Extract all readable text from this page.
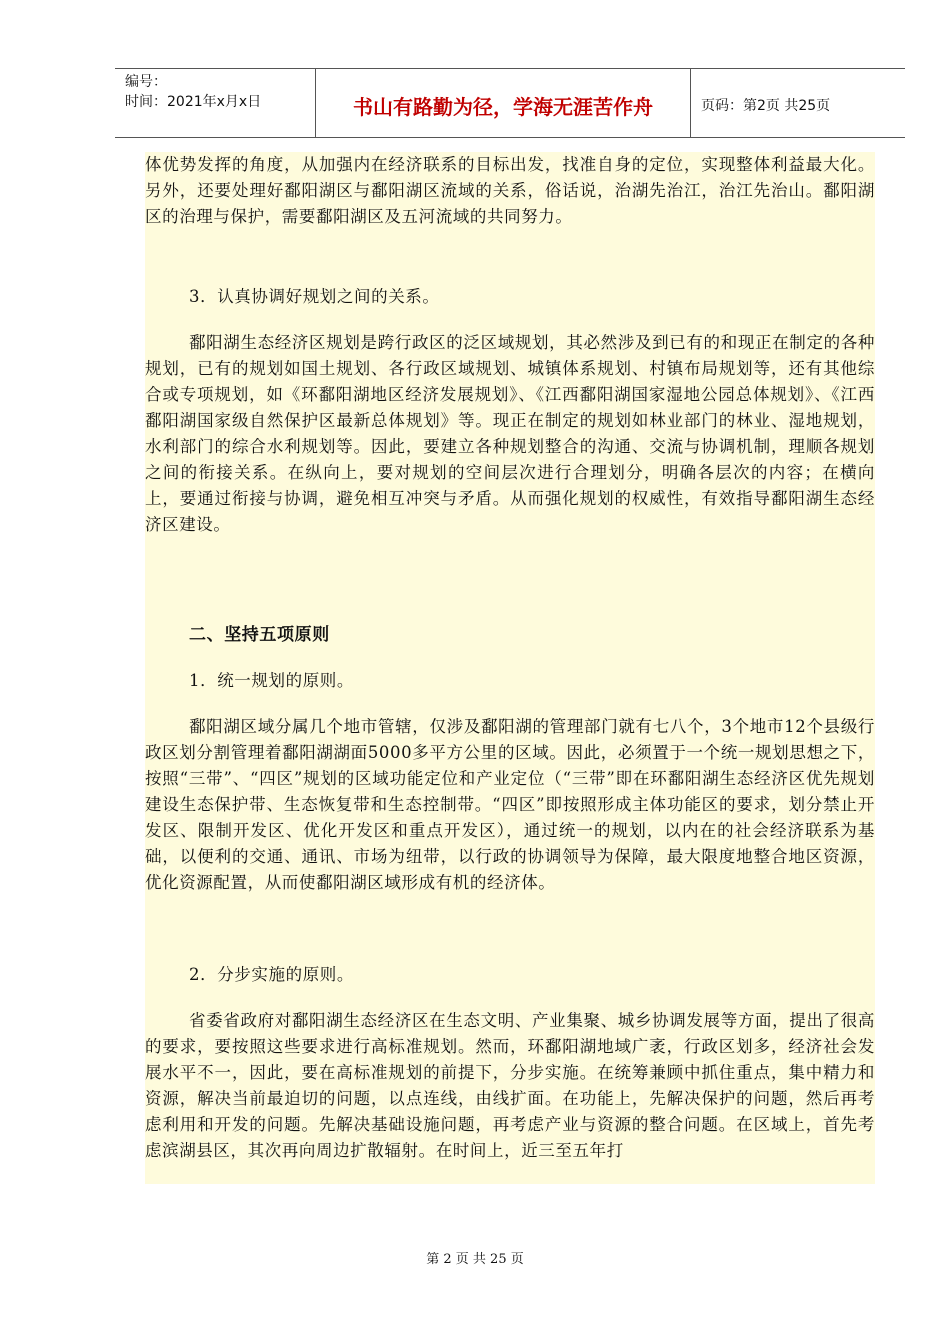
编号：
时间：2021年x月x日	书山有路勤为径，学海无涯苦作舟	页码：第2页 共25页

体优势发挥的角度，从加强内在经济联系的目标出发，找准自身的定位，实现整体利益最大化。另外，还要处理好鄱阳湖区与鄱阳湖区流域的关系，俗话说，治湖先治江，治江先治山。鄱阳湖区的治理与保护，需要鄱阳湖区及五河流域的共同努力。

3．认真协调好规划之间的关系。

鄱阳湖生态经济区规划是跨行政区的泛区域规划，其必然涉及到已有的和现正在制定的各种规划，已有的规划如国土规划、各行政区域规划、城镇体系规划、村镇布局规划等，还有其他综合或专项规划，如《环鄱阳湖地区经济发展规划》、《江西鄱阳湖国家湿地公园总体规划》、《江西鄱阳湖国家级自然保护区最新总体规划》等。现正在制定的规划如林业部门的林业、湿地规划，水利部门的综合水利规划等。因此，要建立各种规划整合的沟通、交流与协调机制，理顺各规划之间的衔接关系。在纵向上，要对规划的空间层次进行合理划分，明确各层次的内容；在横向上，要通过衔接与协调，避免相互冲突与矛盾。从而强化规划的权威性，有效指导鄱阳湖生态经济区建设。

二、坚持五项原则

1．统一规划的原则。

鄱阳湖区域分属几个地市管辖，仅涉及鄱阳湖的管理部门就有七八个，3个地市12个县级行政区划分割管理着鄱阳湖湖面5000多平方公里的区域。因此，必须置于一个统一规划思想之下，按照“三带”、“四区”规划的区域功能定位和产业定位（“三带”即在环鄱阳湖生态经济区优先规划建设生态保护带、生态恢复带和生态控制带。“四区”即按照形成主体功能区的要求，划分禁止开发区、限制开发区、优化开发区和重点开发区），通过统一的规划，以内在的社会经济联系为基础，以便利的交通、通讯、市场为纽带，以行政的协调领导为保障，最大限度地整合地区资源，优化资源配置，从而使鄱阳湖区域形成有机的经济体。

2．分步实施的原则。

省委省政府对鄱阳湖生态经济区在生态文明、产业集聚、城乡协调发展等方面，提出了很高的要求，要按照这些要求进行高标准规划。然而，环鄱阳湖地域广袤，行政区划多，经济社会发展水平不一，因此，要在高标准规划的前提下，分步实施。在统筹兼顾中抓住重点，集中精力和资源，解决当前最迫切的问题，以点连线，由线扩面。在功能上，先解决保护的问题，然后再考虑利用和开发的问题。先解决基础设施问题，再考虑产业与资源的整合问题。在区域上，首先考虑滨湖县区，其次再向周边扩散辐射。在时间上，近三至五年打

第 2 页 共 25 页
